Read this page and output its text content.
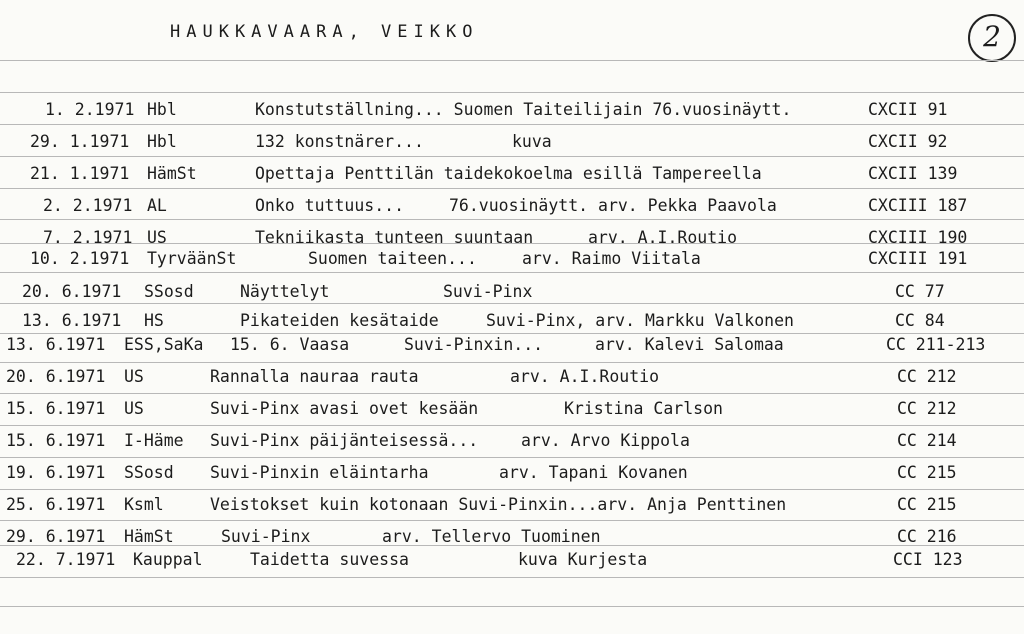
HAUKKAVAARA, VEIKKO	2
1. 2.1971 Hbl	Konstutställning... Suomen Taiteilijain 76.vuosinäytt.	CXCII 91
29. 1.1971 Hbl	132 konstnärer...	kuva	CXCII 92
21. 1.1971 HämSt	Opettaja Penttilän taidekokoelma esillä Tampereella	CXCII 139
2. 2.1971 AL	Onko tuttuus...	76.vuosinäytt. arv. Pekka Paavola	CXCIII 187
7. 2.1971 US	Tekniikasta tunteen suuntaan	arv. A.I.Routio	CXCIII 190
10. 2.1971 TyrväänSt	Suomen taiteen...	arv. Raimo Viitala	CXCIII 191
20. 6.1971 SSosd	Näyttelyt	Suvi-Pinx	CC 77
13. 6.1971 HS	Pikateiden kesätaide	Suvi-Pinx, arv. Markku Valkonen	CC 84
13. 6.1971 ESS,SaKa 15. 6. Vaasa	Suvi-Pinxin...	arv. Kalevi Salomaa	CC 211-213
20. 6.1971 US	Rannalla nauraa rauta	arv. A.I.Routio	CC 212
15. 6.1971 US	Suvi-Pinx avasi ovet kesään	Kristina Carlson	CC 212
15. 6.1971 I-Häme Suvi-Pinx päijänteisessä...	arv. Arvo Kippola	CC 214
19. 6.1971 SSosd Suvi-Pinxin eläintarha	arv. Tapani Kovanen	CC 215
25. 6.1971 Ksml	Veistokset kuin kotonaan Suvi-Pinxin...arv. Anja Penttinen	CC 215
29. 6.1971 HämSt	Suvi-Pinx	arv. Tellervo Tuominen	CC 216
22. 7.1971 Kauppal	Taidetta suvessa	kuva Kurjesta	CCI 123
